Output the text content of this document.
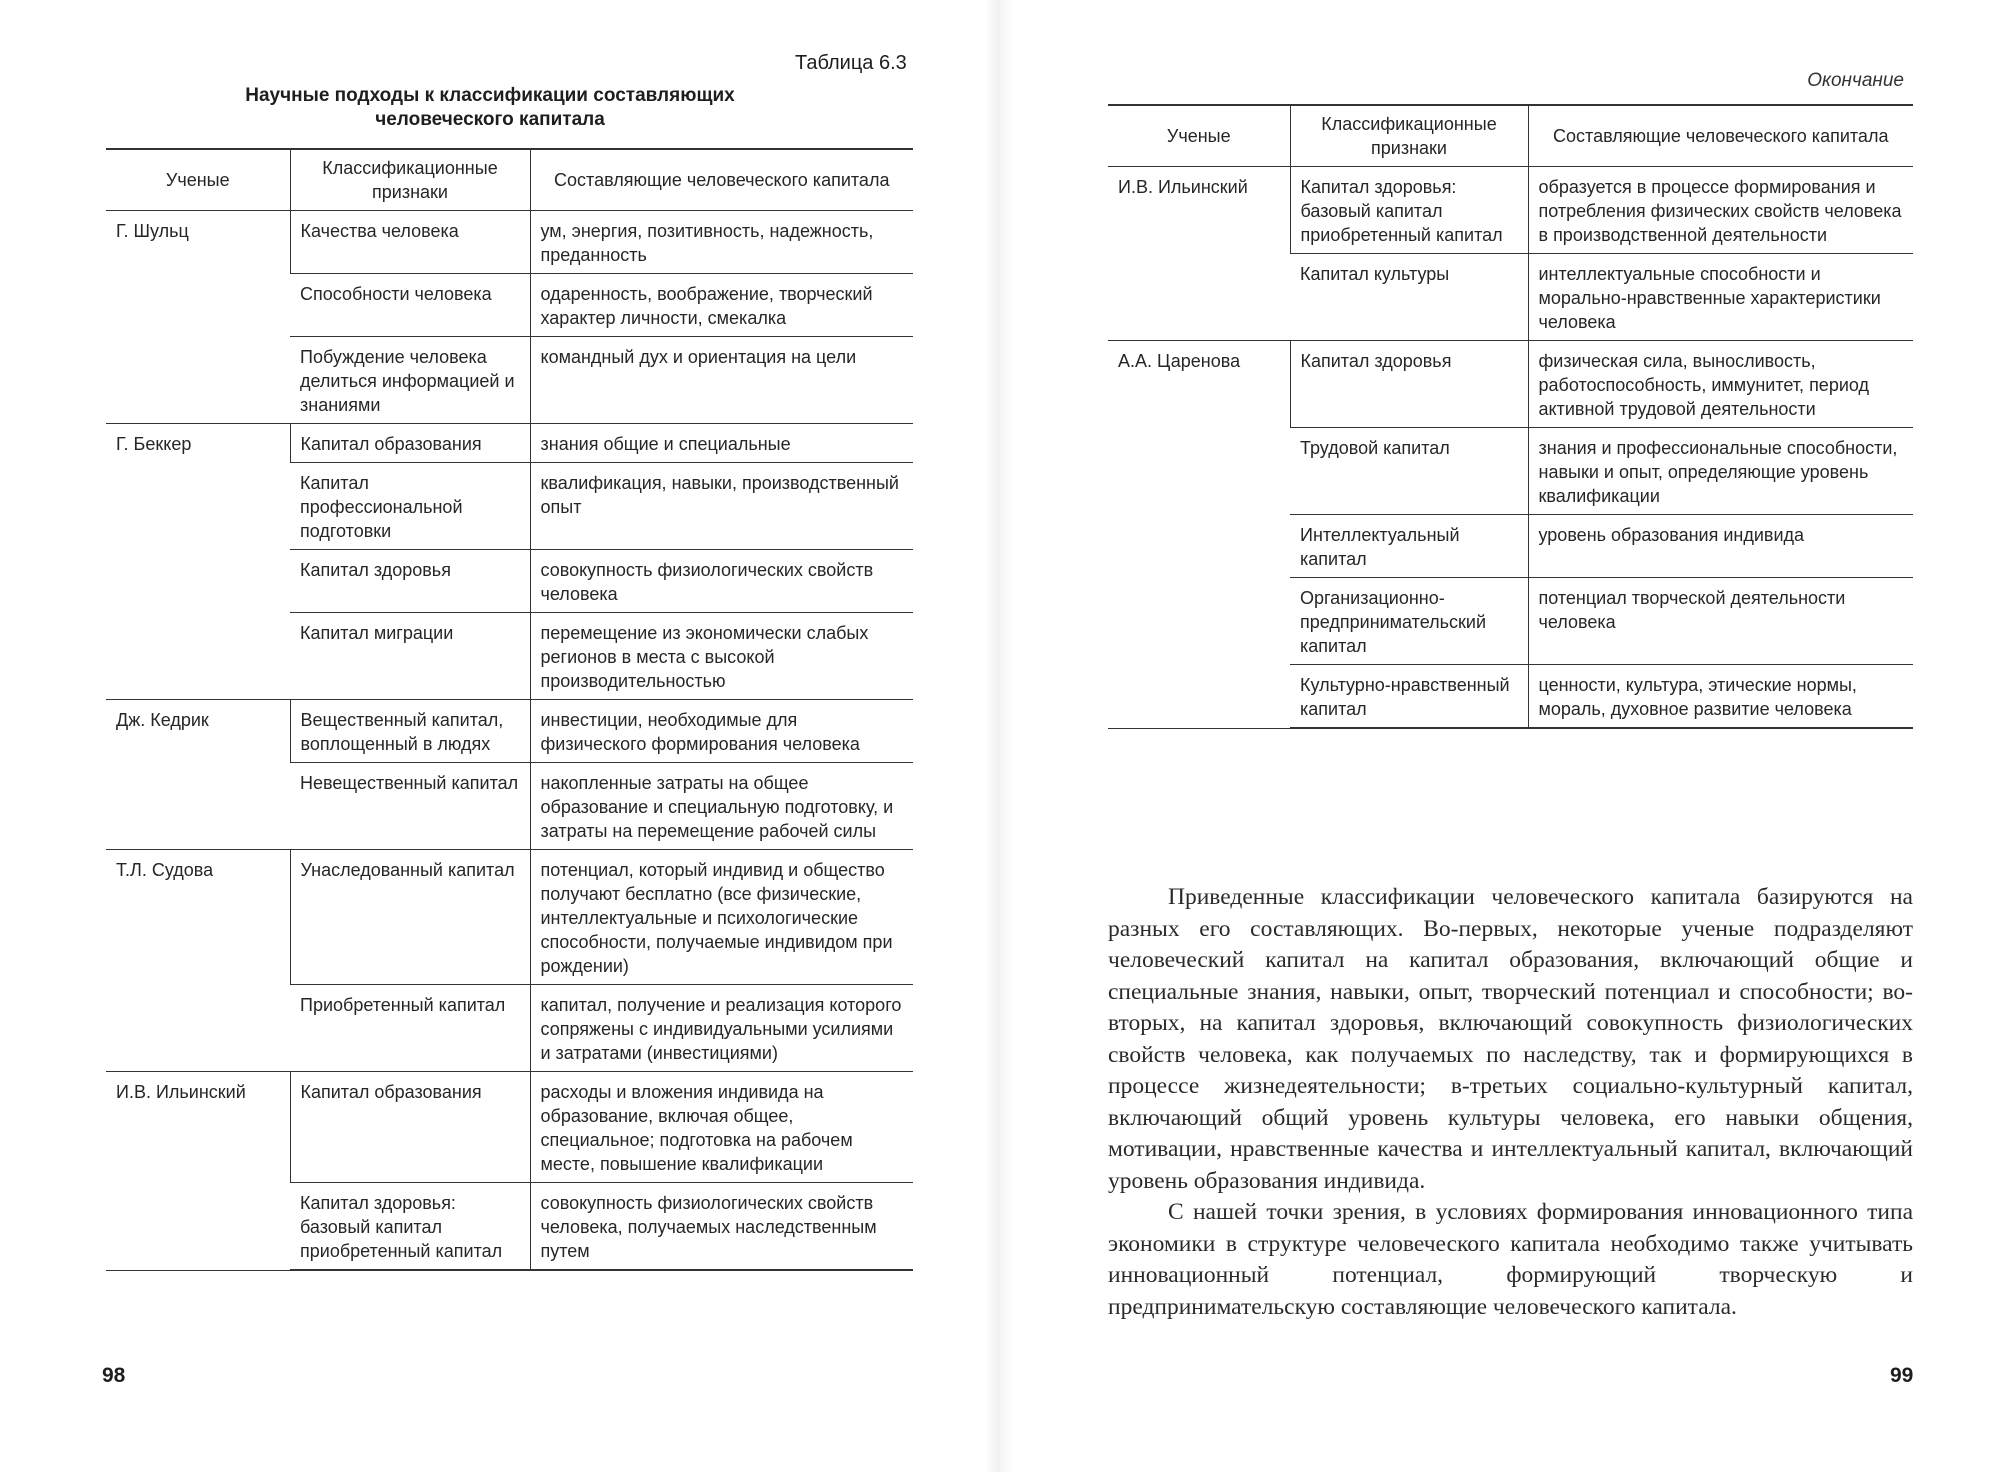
Таблица 6.3
Научные подходы к классификации составляющих человеческого капитала
98
Ученые	Классификационные признаки	Составляющие человеческого капитала
Г. Шульц	Качества человека	ум, энергия, позитивность, надежность, преданность
	Способности человека	одаренность, воображение, творческий характер личности, смекалка
	Побуждение человека делиться информацией и знаниями	командный дух и ориентация на цели
Г. Беккер	Капитал образования	знания общие и специальные
	Капитал профессиональной подготовки	квалификация, навыки, производственный опыт
	Капитал здоровья	совокупность физиологических свойств человека
	Капитал миграции	перемещение из экономически слабых регионов в места с высокой производительностью
Дж. Кедрик	Вещественный капитал, воплощенный в людях	инвестиции, необходимые для физического формирования человека
	Невещественный капитал	накопленные затраты на общее образование и специальную подготовку, и затраты на перемещение рабочей силы
Т.Л. Судова	Унаследованный капитал	потенциал, который индивид и общество получают бесплатно (все физические, интеллектуальные и психологические способности, получаемые индивидом при рождении)
	Приобретенный капитал	капитал, получение и реализация которого сопряжены с индивидуальными усилиями и затратами (инвестициями)
И.В. Ильинский	Капитал образования	расходы и вложения индивида на образование, включая общее, специальное; подготовка на рабочем месте, повышение квалификации
	Капитал здоровья: базовый капитал приобретенный капитал	совокупность физиологических свойств человека, получаемых наследственным путем
Окончание
99
Ученые	Классификационные признаки	Составляющие человеческого капитала
И.В. Ильинский	Капитал здоровья: базовый капитал приобретенный капитал	образуется в процессе формирования и потребления физических свойств человека в производственной деятельности
	Капитал культуры	интеллектуальные способности и морально-нравственные характеристики человека
А.А. Царенова	Капитал здоровья	физическая сила, выносливость, работоспособность, иммунитет, период активной трудовой деятельности
	Трудовой капитал	знания и профессиональные способности, навыки и опыт, определяющие уровень квалификации
	Интеллектуальный капитал	уровень образования индивида
	Организационно-предпринимательский капитал	потенциал творческой деятельности человека
	Культурно-нравственный капитал	ценности, культура, этические нормы, мораль, духовное развитие человека

Приведенные классификации человеческого капитала базируются на разных его составляющих. Во-первых, некоторые ученые подразделяют человеческий капитал на капитал образования, включающий общие и специальные знания, навыки, опыт, творческий потенциал и способности; во-вторых, на капитал здоровья, включающий совокупность физиологических свойств человека, как получаемых по наследству, так и формирующихся в процессе жизнедеятельности; в-третьих социально-культурный капитал, включающий общий уровень культуры человека, его навыки общения, мотивации, нравственные качества и интеллектуальный капитал, включающий уровень образования индивида.

С нашей точки зрения, в условиях формирования инновационного типа экономики в структуре человеческого капитала необходимо также учитывать инновационный потенциал, формирующий творческую и предпринимательскую составляющие человеческого капитала.
